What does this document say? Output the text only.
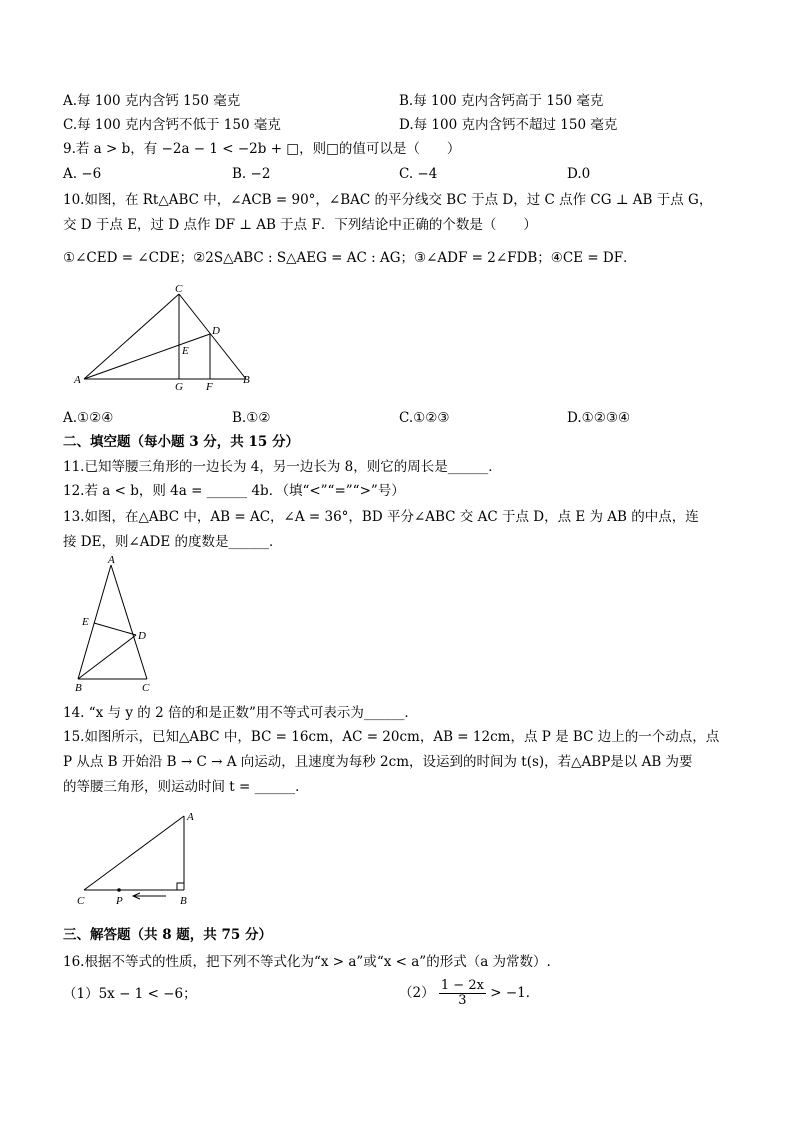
A.每 100 克内含钙 150 毫克	B.每 100 克内含钙高于 150 毫克
C.每 100 克内含钙不低于 150 毫克	D.每 100 克内含钙不超过 150 毫克
9.若 a > b，有 −2a − 1 < −2b + □，则□的值可以是（　　）
A. −6	B. −2	C. −4	D.0
10.如图，在 Rt△ABC 中，∠ACB = 90°，∠BAC 的平分线交 BC 于点 D，过 C 点作 CG ⊥ AB 于点 G，
交 D 于点 E，过 D 点作 DF ⊥ AB 于点 F．下列结论中正确的个数是（　　）
①∠CED = ∠CDE；②2S△ABC : S△AEG = AC : AG；③∠ADF = 2∠FDB；④CE = DF．
C
D
E
A
G F
B
A.①②④	B.①②	C.①②③	D.①②③④
二、填空题（每小题 3 分，共 15 分）
11.已知等腰三角形的一边长为 4，另一边长为 8，则它的周长是______．
12.若 a < b，则 4a = ______ 4b．（填“<”“=”“>”号）
13.如图，在△ABC 中，AB = AC，∠A = 36°，BD 平分∠ABC 交 AC 于点 D，点 E 为 AB 的中点，连
接 DE，则∠ADE 的度数是______．
A
E
D
B	C
14. “x 与 y 的 2 倍的和是正数”用不等式可表示为______．
15.如图所示，已知△ABC 中，BC = 16cm，AC = 20cm，AB = 12cm，点 P 是 BC 边上的一个动点，点
P 从点 B 开始沿 B → C → A 向运动，且速度为每秒 2cm，设运到的时间为 t(s)，若△ABP是以 AB 为要
的等腰三角形，则运动时间 t = ______．
A
C	P	B
三、解答题（共 8 题，共 75 分）
16.根据不等式的性质，把下列不等式化为“x > a”或“x < a”的形式（a 为常数）.
（1）5x − 1 < −6；	$(2) \frac{1 - 2x}{3} > -1$．
